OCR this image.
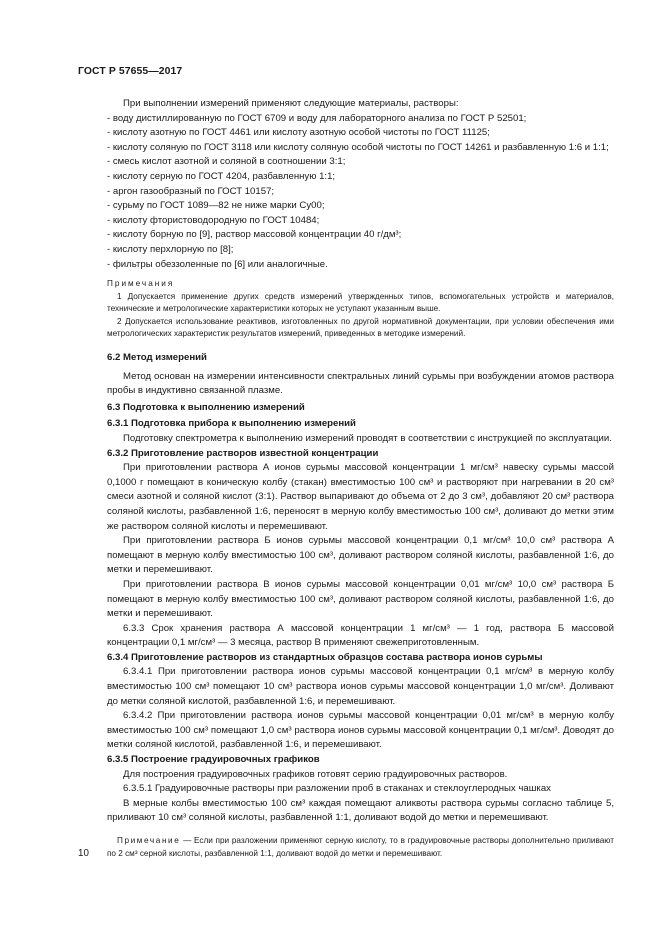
ГОСТ Р 57655—2017

При выполнении измерений применяют следующие материалы, растворы:

- воду дистиллированную по ГОСТ 6709 и воду для лабораторного анализа по ГОСТ Р 52501;

- кислоту азотную по ГОСТ 4461 или кислоту азотную особой чистоты по ГОСТ 11125;

- кислоту соляную по ГОСТ 3118 или кислоту соляную особой чистоты по ГОСТ 14261 и разбавленную 1:6 и 1:1;

- смесь кислот азотной и соляной в соотношении 3:1;

- кислоту серную по ГОСТ 4204, разбавленную 1:1;

- аргон газообразный по ГОСТ 10157;

- сурьму по ГОСТ 1089—82 не ниже марки Су00;

- кислоту фтористоводородную по ГОСТ 10484;

- кислоту борную по [9], раствор массовой концентрации 40 г/дм³;

- кислоту перхлорную по [8];

- фильтры обеззоленные по [6] или аналогичные.

Примечания

1 Допускается применение других средств измерений утвержденных типов, вспомогательных устройств и материалов, технические и метрологические характеристики которых не уступают указанным выше.

2 Допускается использование реактивов, изготовленных по другой нормативной документации, при условии обеспечения ими метрологических характеристик результатов измерений, приведенных в методике измерений.

6.2 Метод измерений

Метод основан на измерении интенсивности спектральных линий сурьмы при возбуждении атомов раствора пробы в индуктивно связанной плазме.

6.3 Подготовка к выполнению измерений

6.3.1 Подготовка прибора к выполнению измерений

Подготовку спектрометра к выполнению измерений проводят в соответствии с инструкцией по эксплуатации.

6.3.2 Приготовление растворов известной концентрации

При приготовлении раствора А ионов сурьмы массовой концентрации 1 мг/см³ навеску сурьмы массой 0,1000 г помещают в коническую колбу (стакан) вместимостью 100 см³ и растворяют при нагревании в 20 см³ смеси азотной и соляной кислот (3:1). Раствор выпаривают до объема от 2 до 3 см³, добавляют 20 см³ раствора соляной кислоты, разбавленной 1:6, переносят в мерную колбу вместимостью 100 см³, доливают до метки этим же раствором соляной кислоты и перемешивают.

При приготовлении раствора Б ионов сурьмы массовой концентрации 0,1 мг/см³ 10,0 см³ раствора А помещают в мерную колбу вместимостью 100 см³, доливают раствором соляной кислоты, разбавленной 1:6, до метки и перемешивают.

При приготовлении раствора В ионов сурьмы массовой концентрации 0,01 мг/см³ 10,0 см³ раствора Б помещают в мерную колбу вместимостью 100 см³, доливают раствором соляной кислоты, разбавленной 1:6, до метки и перемешивают.

6.3.3 Срок хранения раствора А массовой концентрации 1 мг/см³ — 1 год, раствора Б массовой концентрации 0,1 мг/см³ — 3 месяца, раствор В применяют свежеприготовленным.

6.3.4 Приготовление растворов из стандартных образцов состава раствора ионов сурьмы

6.3.4.1 При приготовлении раствора ионов сурьмы массовой концентрации 0,1 мг/см³ в мерную колбу вместимостью 100 см³ помещают 10 см³ раствора ионов сурьмы массовой концентрации 1,0 мг/см³. Доливают до метки соляной кислотой, разбавленной 1:6, и перемешивают.

6.3.4.2 При приготовлении раствора ионов сурьмы массовой концентрации 0,01 мг/см³ в мерную колбу вместимостью 100 см³ помещают 1,0 см³ раствора ионов сурьмы массовой концентрации 0,1 мг/см³. Доводят до метки соляной кислотой, разбавленной 1:6, и перемешивают.

6.3.5 Построение градуировочных графиков

Для построения градуировочных графиков готовят серию градуировочных растворов.

6.3.5.1 Градуировочные растворы при разложении проб в стаканах и стеклоуглеродных чашках

В мерные колбы вместимостью 100 см³ каждая помещают аликвоты раствора сурьмы согласно таблице 5, приливают 10 см³ соляной кислоты, разбавленной 1:1, доливают водой до метки и перемешивают.

Примечание — Если при разложении применяют серную кислоту, то в градуировочные растворы дополнительно приливают по 2 см³ серной кислоты, разбавленной 1:1, доливают водой до метки и перемешивают.

10
